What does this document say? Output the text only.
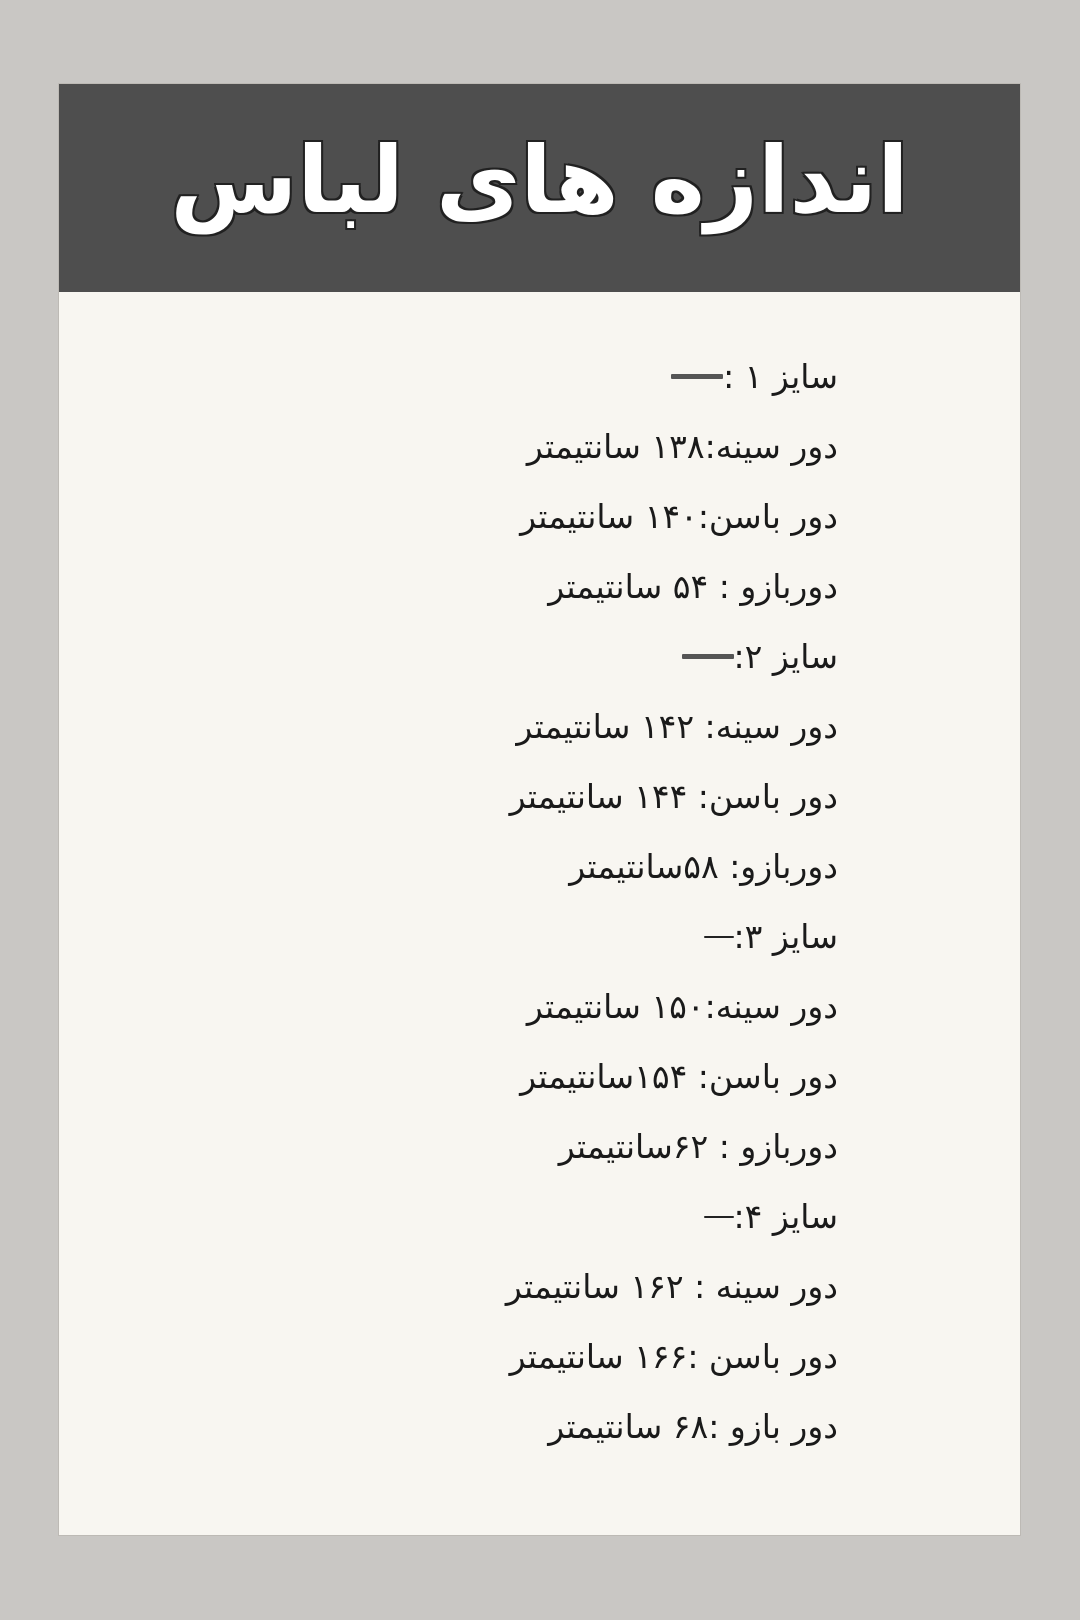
اندازه های لباس
سایز ۱ :
دور سینه:۱۳۸ سانتیمتر
دور باسن:۱۴۰ سانتیمتر
دوربازو : ۵۴ سانتیمتر
سایز ۲:
دور سینه: ۱۴۲ سانتیمتر
دور باسن: ۱۴۴ سانتیمتر
دوربازو: ۵۸سانتیمتر
سایز ۳:
دور سینه:۱۵۰ سانتیمتر
دور باسن: ۱۵۴سانتیمتر
دوربازو : ۶۲سانتیمتر
سایز ۴:
دور سینه : ۱۶۲ سانتیمتر
دور باسن :۱۶۶ سانتیمتر
دور بازو :۶۸ سانتیمتر
